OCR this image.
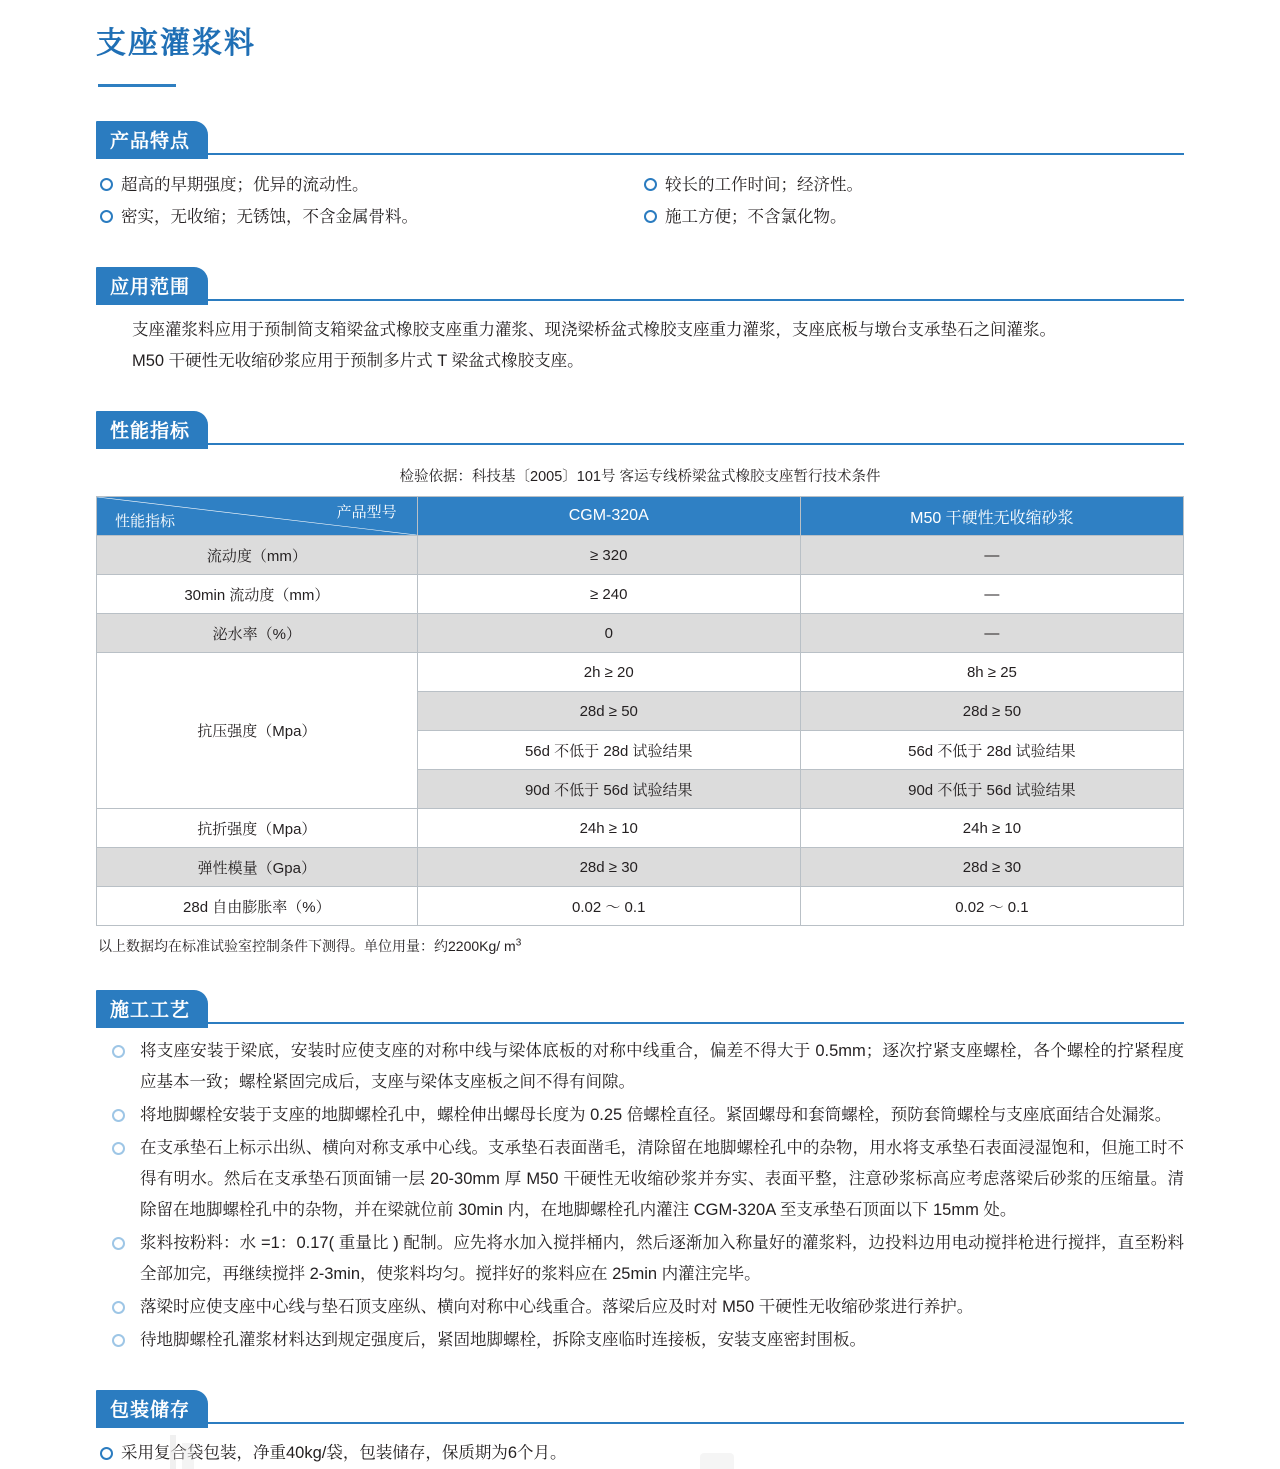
支座灌浆料
产品特点
超高的早期强度；优异的流动性。	较长的工作时间；经济性。
密实，无收缩；无锈蚀，不含金属骨料。	施工方便；不含氯化物。
应用范围
支座灌浆料应用于预制简支箱梁盆式橡胶支座重力灌浆、现浇梁桥盆式橡胶支座重力灌浆，支座底板与墩台支承垫石之间灌浆。
M50 干硬性无收缩砂浆应用于预制多片式 T 梁盆式橡胶支座。
性能指标
检验依据：科技基〔2005〕101号 客运专线桥梁盆式橡胶支座暂行技术条件
产品型号
性能指标	CGM-320A	M50 干硬性无收缩砂浆
流动度（mm）	≥ 320	—
30min 流动度（mm）	≥ 240	—
泌水率（%）	0	—
抗压强度（Mpa）	2h ≥ 20	8h ≥ 25
	28d ≥ 50	28d ≥ 50
	56d 不低于 28d 试验结果	56d 不低于 28d 试验结果
	90d 不低于 56d 试验结果	90d 不低于 56d 试验结果
抗折强度（Mpa）	24h ≥ 10	24h ≥ 10
弹性模量（Gpa）	28d ≥ 30	28d ≥ 30
28d 自由膨胀率（%）	0.02 ～ 0.1	0.02 ～ 0.1
以上数据均在标准试验室控制条件下测得。单位用量：约2200Kg/ $m^3$
施工工艺
将支座安装于梁底，安装时应使支座的对称中线与梁体底板的对称中线重合，偏差不得大于 0.5mm；逐次拧紧支座螺栓，各个螺栓的拧紧程度应基本一致；螺栓紧固完成后，支座与梁体支座板之间不得有间隙。
将地脚螺栓安装于支座的地脚螺栓孔中，螺栓伸出螺母长度为 0.25 倍螺栓直径。紧固螺母和套筒螺栓，预防套筒螺栓与支座底面结合处漏浆。
在支承垫石上标示出纵、横向对称支承中心线。支承垫石表面凿毛，清除留在地脚螺栓孔中的杂物，用水将支承垫石表面浸湿饱和，但施工时不得有明水。然后在支承垫石顶面铺一层 20-30mm 厚 M50 干硬性无收缩砂浆并夯实、表面平整，注意砂浆标高应考虑落梁后砂浆的压缩量。清除留在地脚螺栓孔中的杂物，并在梁就位前 30min 内，在地脚螺栓孔内灌注 CGM-320A 至支承垫石顶面以下 15mm 处。
浆料按粉料：水 =1：0.17( 重量比 ) 配制。应先将水加入搅拌桶内，然后逐渐加入称量好的灌浆料，边投料边用电动搅拌枪进行搅拌，直至粉料全部加完，再继续搅拌 2-3min，使浆料均匀。搅拌好的浆料应在 25min 内灌注完毕。
落梁时应使支座中心线与垫石顶支座纵、横向对称中心线重合。落梁后应及时对 M50 干硬性无收缩砂浆进行养护。
待地脚螺栓孔灌浆材料达到规定强度后，紧固地脚螺栓，拆除支座临时连接板，安装支座密封围板。
包装储存
采用复合袋包装，净重40kg/袋，包装储存，保质期为6个月。
